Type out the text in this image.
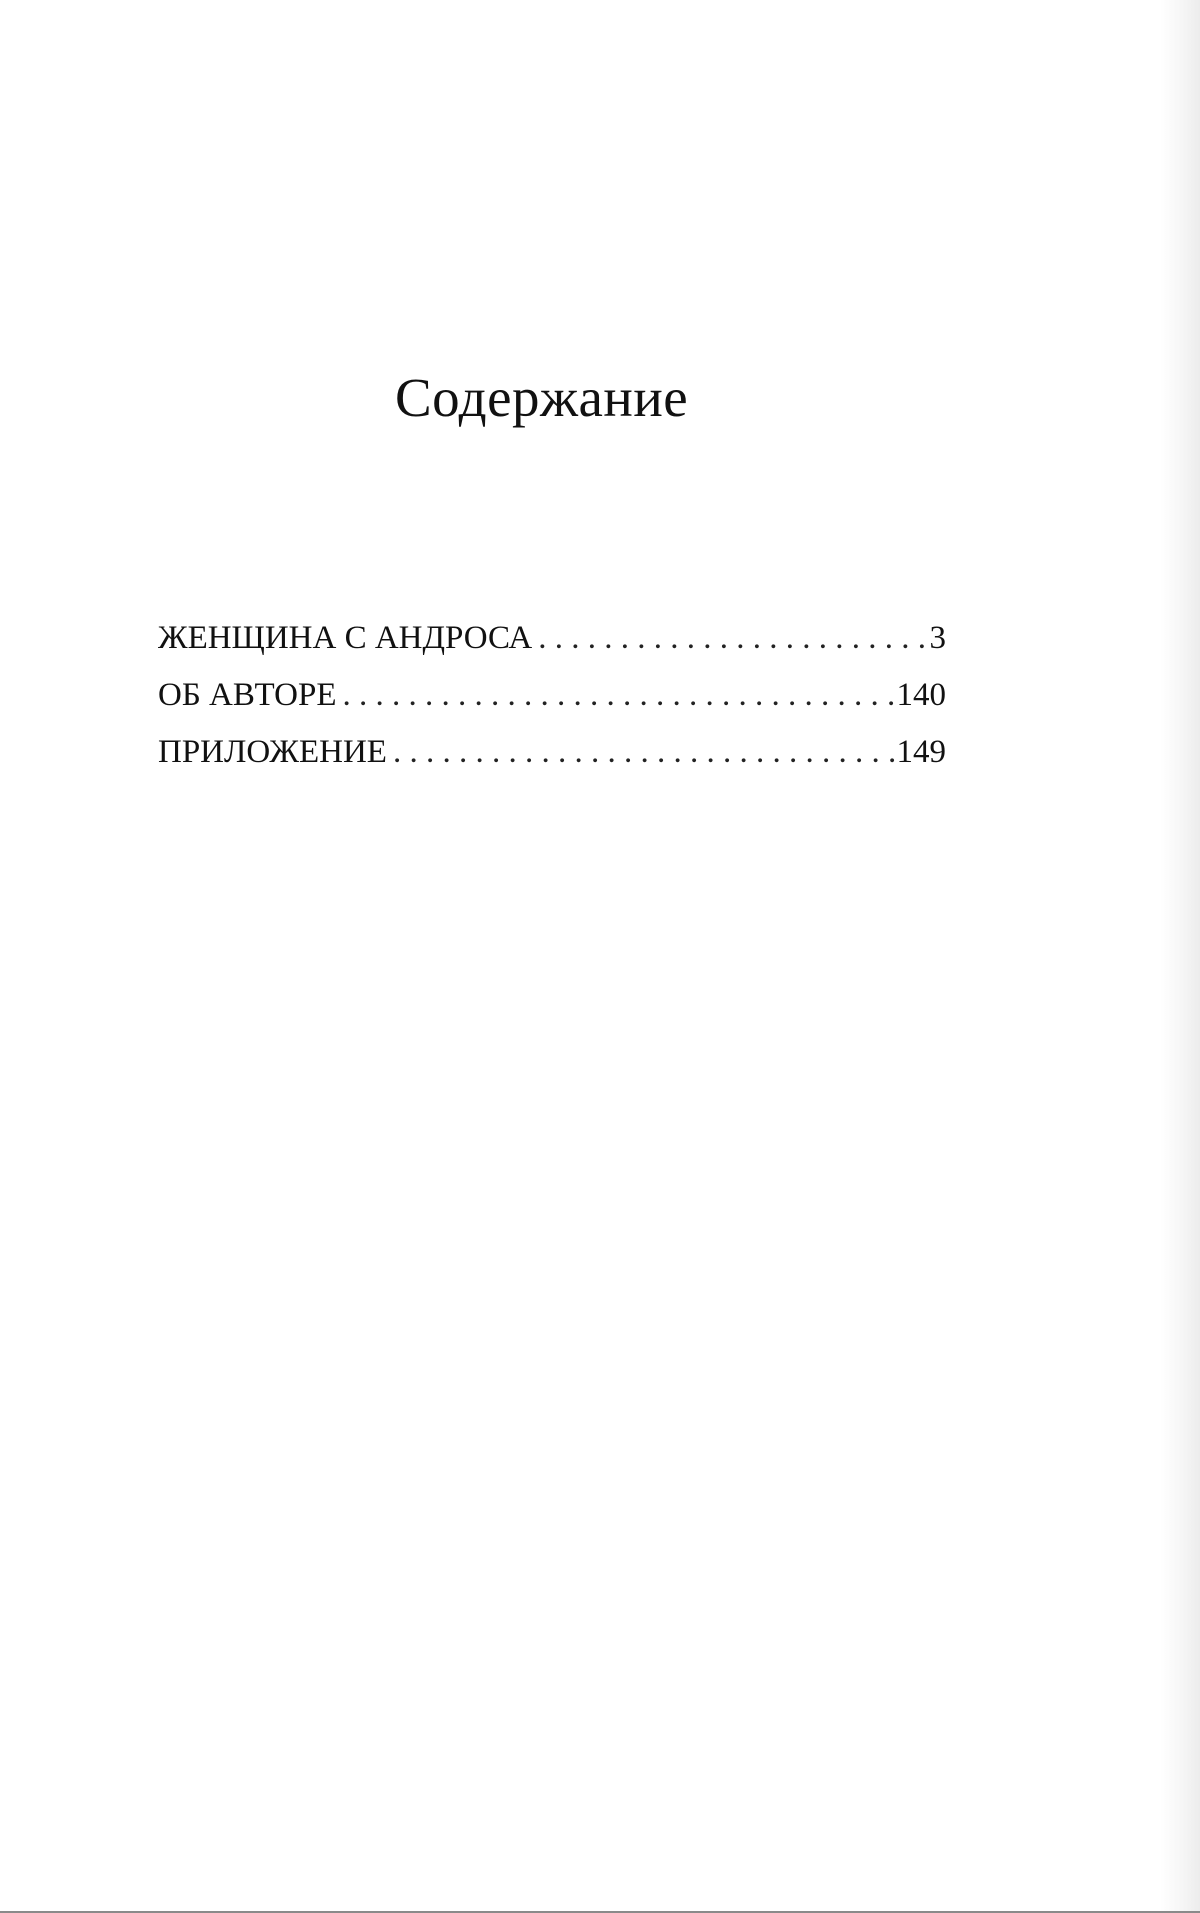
Содержание
ЖЕНЩИНА С АНДРОСА . . .	3
ОБ АВТОРЕ . . .	140
ПРИЛОЖЕНИЕ . . .	149
